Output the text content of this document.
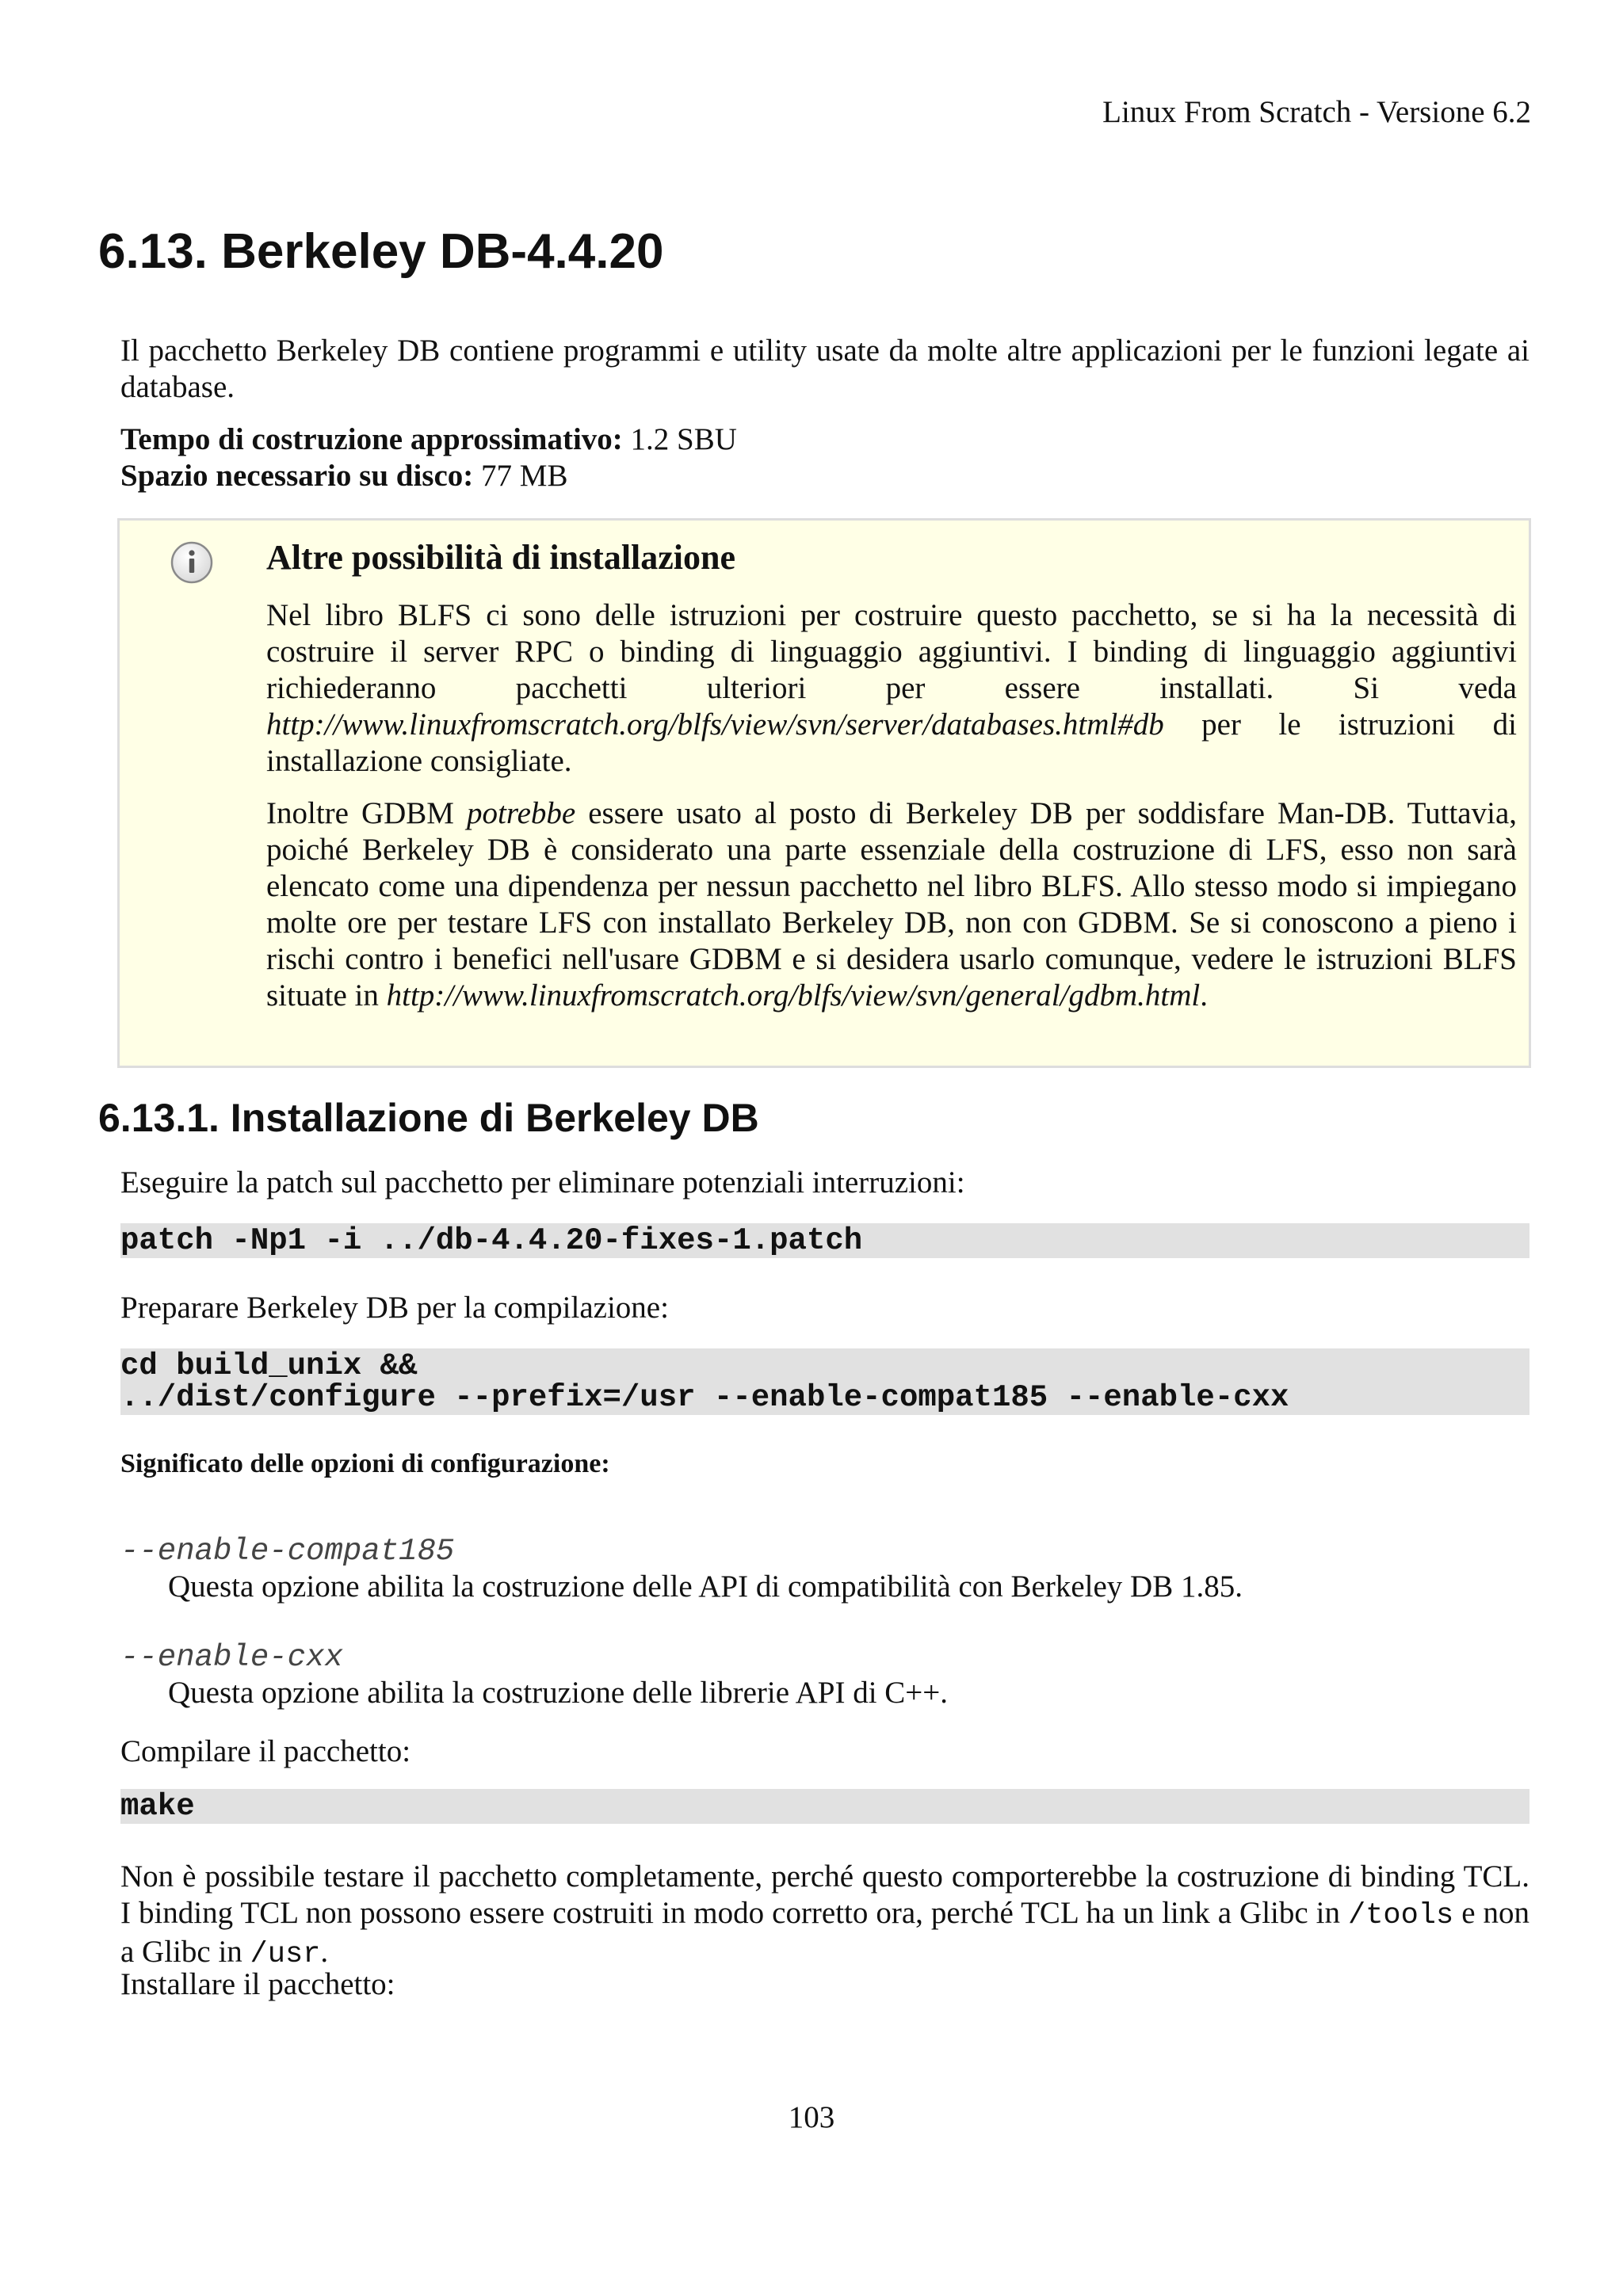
Linux From Scratch - Versione 6.2
6.13. Berkeley DB-4.4.20

Il pacchetto Berkeley DB contiene programmi e utility usate da molte altre applicazioni per le funzioni legate ai database.

Tempo di costruzione approssimativo: 1.2 SBU

Spazio necessario su disco: 77 MB

Altre possibilità di installazione

Nel libro BLFS ci sono delle istruzioni per costruire questo pacchetto, se si ha la necessità di costruire il server RPC o binding di linguaggio aggiuntivi. I binding di linguaggio aggiuntivi richiederanno pacchetti ulteriori per essere installati. Si veda http://www.linuxfromscratch.org/blfs/view/svn/server/databases.html#db per le istruzioni di installazione consigliate.

Inoltre GDBM potrebbe essere usato al posto di Berkeley DB per soddisfare Man-DB. Tuttavia, poiché Berkeley DB è considerato una parte essenziale della costruzione di LFS, esso non sarà elencato come una dipendenza per nessun pacchetto nel libro BLFS. Allo stesso modo si impiegano molte ore per testare LFS con installato Berkeley DB, non con GDBM. Se si conoscono a pieno i rischi contro i benefici nell'usare GDBM e si desidera usarlo comunque, vedere le istruzioni BLFS situate in http://www.linuxfromscratch.org/blfs/view/svn/general/gdbm.html.

6.13.1. Installazione di Berkeley DB

Eseguire la patch sul pacchetto per eliminare potenziali interruzioni:

patch -Np1 -i ../db-4.4.20-fixes-1.patch

Preparare Berkeley DB per la compilazione:

cd build_unix &&
../dist/configure --prefix=/usr --enable-compat185 --enable-cxx

Significato delle opzioni di configurazione:

--enable-compat185

Questa opzione abilita la costruzione delle API di compatibilità con Berkeley DB 1.85.

--enable-cxx

Questa opzione abilita la costruzione delle librerie API di C++.

Compilare il pacchetto:

make

Non è possibile testare il pacchetto completamente, perché questo comporterebbe la costruzione di binding TCL. I binding TCL non possono essere costruiti in modo corretto ora, perché TCL ha un link a Glibc in /tools e non a Glibc in /usr.

Installare il pacchetto:

103
